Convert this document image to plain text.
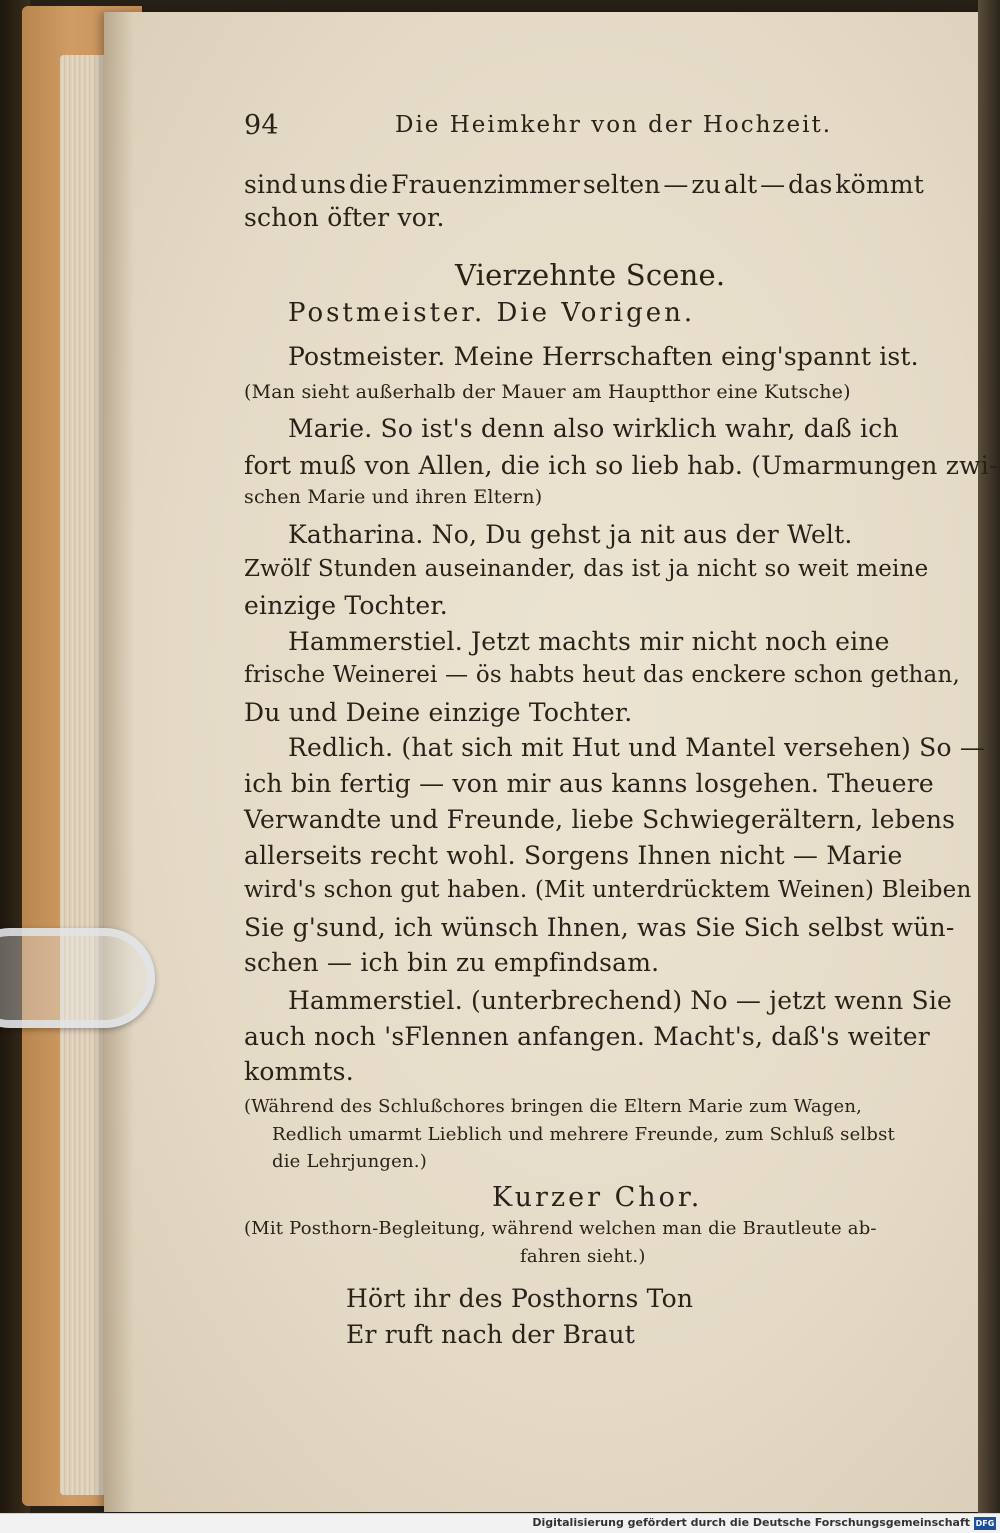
94	Die Heimkehr von der Hochzeit.
sind uns die Frauenzimmer selten — zu alt — das kömmt
schon öfter vor.
Vierzehnte Scene.
Postmeister. Die Vorigen.
Postmeister. Meine Herrschaften eing'spannt ist.
(Man sieht außerhalb der Mauer am Hauptthor eine Kutsche)
Marie. So ist's denn also wirklich wahr, daß ich
fort muß von Allen, die ich so lieb hab. (Umarmungen zwi-
schen Marie und ihren Eltern)
Katharina. No, Du gehst ja nit aus der Welt.
Zwölf Stunden auseinander, das ist ja nicht so weit meine
einzige Tochter.
Hammerstiel. Jetzt machts mir nicht noch eine
frische Weinerei — ös habts heut das enckere schon gethan,
Du und Deine einzige Tochter.
Redlich. (hat sich mit Hut und Mantel versehen) So —
ich bin fertig — von mir aus kanns losgehen. Theuere
Verwandte und Freunde, liebe Schwiegerältern, lebens
allerseits recht wohl. Sorgens Ihnen nicht — Marie
wird's schon gut haben. (Mit unterdrücktem Weinen) Bleiben
Sie g'sund, ich wünsch Ihnen, was Sie Sich selbst wün-
schen — ich bin zu empfindsam.
Hammerstiel. (unterbrechend) No — jetzt wenn Sie
auch noch 'sFlennen anfangen. Macht's, daß's weiter
kommts.
(Während des Schlußchores bringen die Eltern Marie zum Wagen,
Redlich umarmt Lieblich und mehrere Freunde, zum Schluß selbst
die Lehrjungen.)
Kurzer Chor.
(Mit Posthorn-Begleitung, während welchen man die Brautleute ab-
fahren sieht.)
Hört ihr des Posthorns Ton
Er ruft nach der Braut
Digitalisierung gefördert durch die Deutsche Forschungsgemeinschaft DFG
